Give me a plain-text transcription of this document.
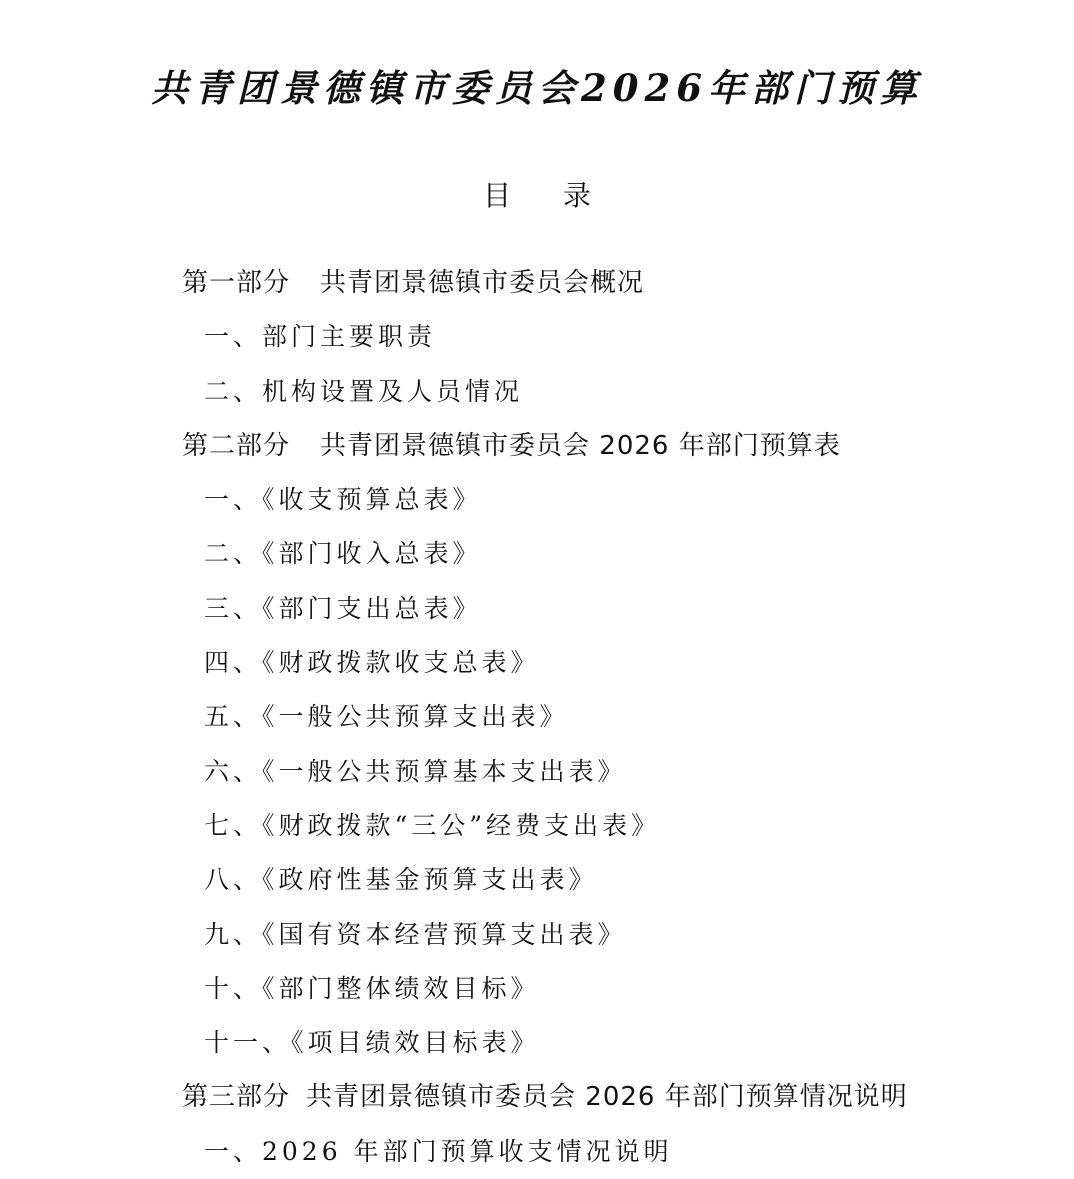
共青团景德镇市委员会2026年部门预算
目录
第一部分 共青团景德镇市委员会概况
一、部门主要职责
二、机构设置及人员情况
第二部分 共青团景德镇市委员会 2026 年部门预算表
一、《收支预算总表》
二、《部门收入总表》
三、《部门支出总表》
四、《财政拨款收支总表》
五、《一般公共预算支出表》
六、《一般公共预算基本支出表》
七、《财政拨款“三公”经费支出表》
八、《政府性基金预算支出表》
九、《国有资本经营预算支出表》
十、《部门整体绩效目标》
十一、《项目绩效目标表》
第三部分 共青团景德镇市委员会 2026 年部门预算情况说明
一、2026 年部门预算收支情况说明
